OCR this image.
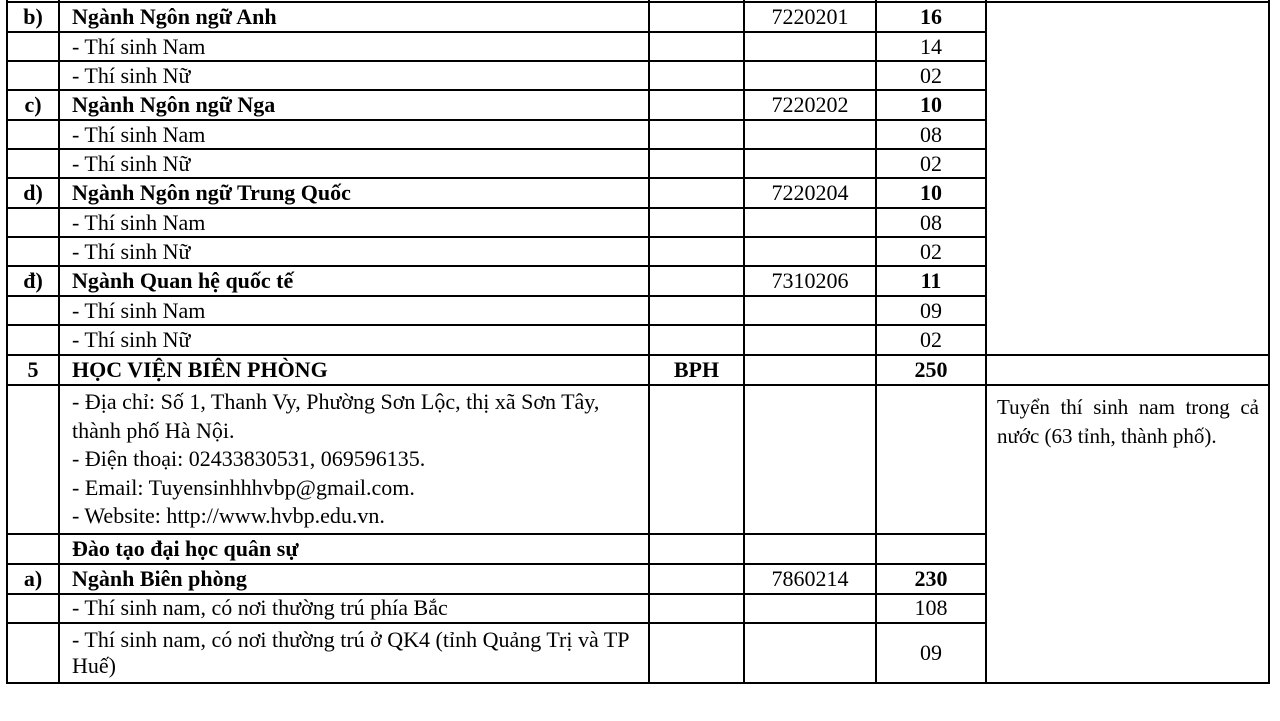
b)	Ngành Ngôn ngữ Anh		7220201	16	
	- Thí sinh Nam			14	
	- Thí sinh Nữ			02	
c)	Ngành Ngôn ngữ Nga		7220202	10	
	- Thí sinh Nam			08	
	- Thí sinh Nữ			02	
d)	Ngành Ngôn ngữ Trung Quốc		7220204	10	
	- Thí sinh Nam			08	
	- Thí sinh Nữ			02	
đ)	Ngành Quan hệ quốc tế		7310206	11	
	- Thí sinh Nam			09	
	- Thí sinh Nữ			02	
5	HỌC VIỆN BIÊN PHÒNG	BPH		250	

	- Địa chỉ: Số 1, Thanh Vy, Phường Sơn Lộc, thị xã Sơn Tây, thành phố Hà Nội.
- Điện thoại: 02433830531, 069596135.
- Email: Tuyensinhhhvbp@gmail.com.
- Website: http://www.hvbp.edu.vn.				Tuyển thí sinh nam trong cả nước (63 tỉnh, thành phố).
	Đào tạo đại học quân sự				
a)	Ngành Biên phòng		7860214	230	
	- Thí sinh nam, có nơi thường trú phía Bắc			108	
	- Thí sinh nam, có nơi thường trú ở QK4 (tỉnh Quảng Trị và TP Huế)			09	
